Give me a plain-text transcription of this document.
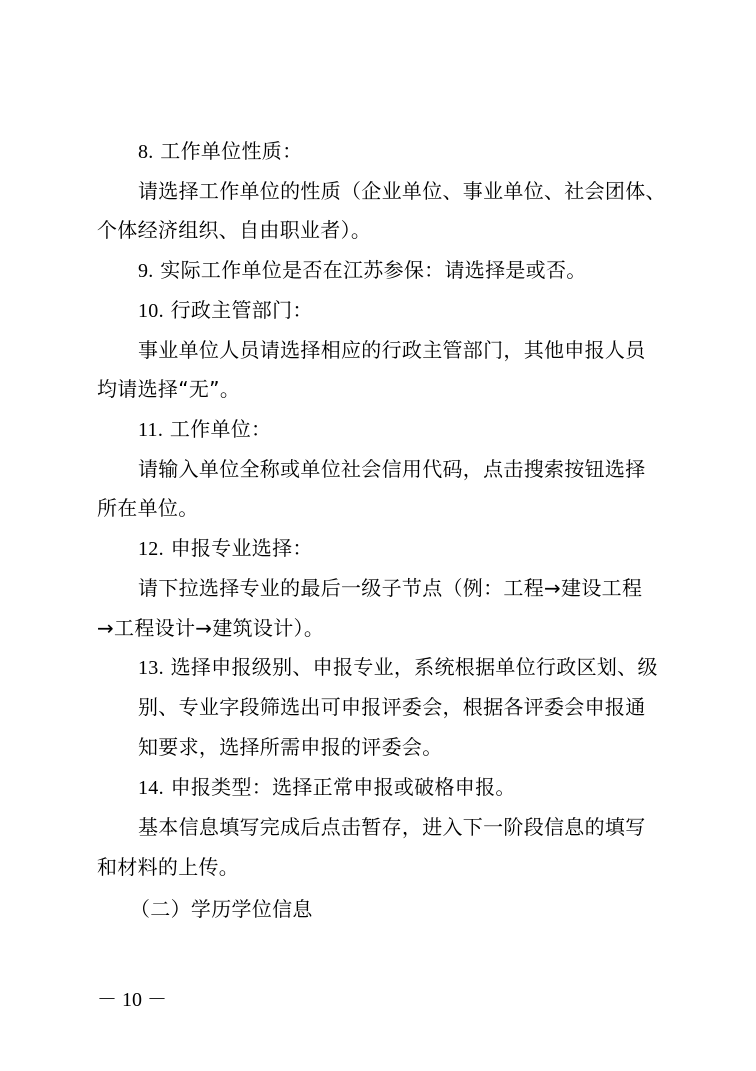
8. 工作单位性质：
请选择工作单位的性质（企业单位、事业单位、社会团体、
个体经济组织、自由职业者）。
9. 实际工作单位是否在江苏参保：请选择是或否。
10. 行政主管部门：
事业单位人员请选择相应的行政主管部门，其他申报人员
均请选择“无”。
11. 工作单位：
请输入单位全称或单位社会信用代码，点击搜索按钮选择
所在单位。
12. 申报专业选择：
请下拉选择专业的最后一级子节点（例：工程→建设工程
→工程设计→建筑设计）。
13. 选择申报级别、申报专业，系统根据单位行政区划、级
别、专业字段筛选出可申报评委会，根据各评委会申报通
知要求，选择所需申报的评委会。
14. 申报类型：选择正常申报或破格申报。
基本信息填写完成后点击暂存，进入下一阶段信息的填写
和材料的上传。
（二）学历学位信息
－ 10 －
